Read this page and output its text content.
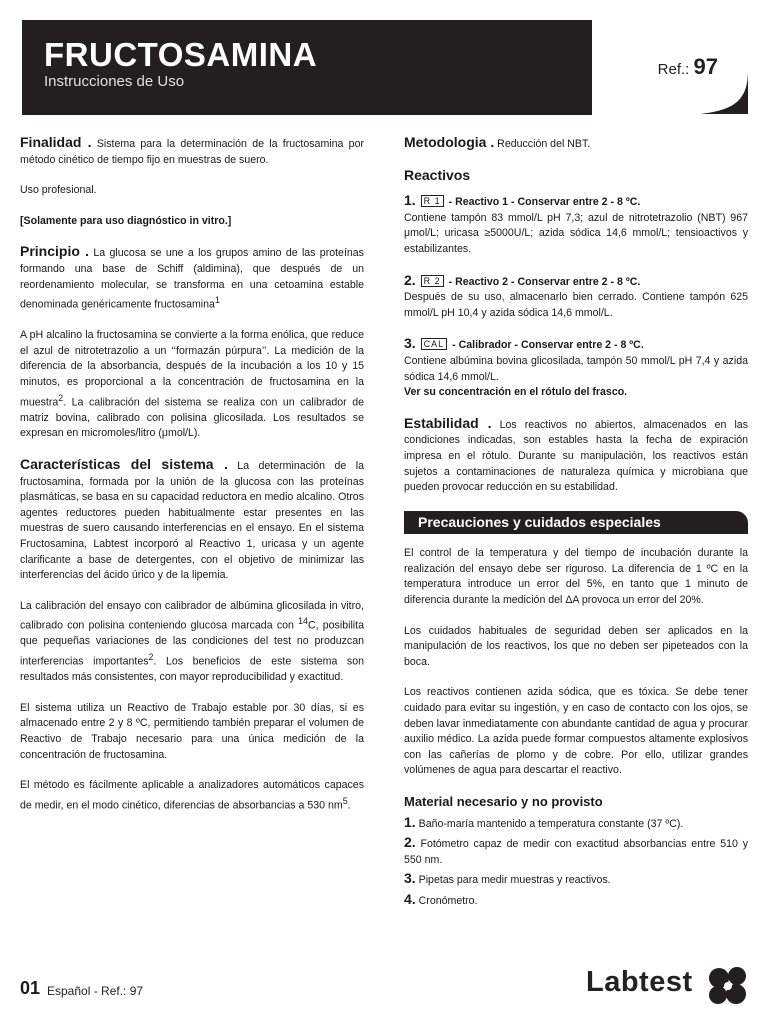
FRUCTOSAMINA
Instrucciones de Uso
Ref.: 97

Finalidad . Sistema para la determinación de la fructosamina por método cinético de tiempo fijo en muestras de suero.

Uso profesional.

[Solamente para uso diagnóstico in vitro.]

Principio . La glucosa se une a los grupos amino de las proteínas formando una base de Schiff (aldimina), que después de un reordenamiento molecular, se transforma en una cetoamina estable denominada genéricamente fructosamina$^1$

A pH alcalino la fructosamina se convierte a la forma enólica, que reduce el azul de nitrotetrazolio a un ‘‘formazán púrpura’’. La medición de la diferencia de la absorbancia, después de la incubación a los 10 y 15 minutos, es proporcional a la concentración de fructosamina en la muestra$^2$. La calibración del sistema se realiza con un calibrador de matriz bovina, calibrado con polisina glicosilada. Los resultados se expresan en micromoles/litro (μmol/L).

Características del sistema . La determinación de la fructosamina, formada por la unión de la glucosa con las proteínas plasmáticas, se basa en su capacidad reductora en medio alcalino. Otros agentes reductores pueden habitualmente estar presentes en las muestras de suero causando interferencias en el ensayo. En el sistema Fructosamina, Labtest incorporó al Reactivo 1, uricasa y un agente clarificante a base de detergentes, con el objetivo de minimizar las interferencias del ácido úrico y de la lipemia.

La calibración del ensayo con calibrador de albúmina glicosilada in vitro, calibrado con polisina conteniendo glucosa marcada con $^{14}$C, posibilita que pequeñas variaciones de las condiciones del test no produzcan interferencias importantes$^2$. Los beneficios de este sistema son resultados más consistentes, con mayor reproducibilidad y exactitud.

El sistema utiliza un Reactivo de Trabajo estable por 30 días, si es almacenado entre 2 y 8 ºC, permitiendo también preparar el volumen de Reactivo de Trabajo necesario para una única medición de la concentración de fructosamina.

El método es fácilmente aplicable a analizadores automáticos capaces de medir, en el modo cinético, diferencias de absorbancias a 530 $nm^5$.

Metodologia . Reducción del NBT.

Reactivos

1. R 1 - Reactivo 1 - Conservar entre 2 - 8 ºC.
Contiene tampón 83 mmol/L pH 7,3; azul de nitrotetrazolio (NBT) 967 μmol/L; uricasa ≥5000U/L; azida sódica 14,6 mmol/L; tensioactivos y estabilizantes.

2. R 2 - Reactivo 2 - Conservar entre 2 - 8 ºC.
Después de su uso, almacenarlo bien cerrado. Contiene tampón 625 mmol/L pH 10,4 y azida sódica 14,6 mmol/L.

3. CAL - Calibrador - Conservar entre 2 - 8 ºC.
Contiene albúmina bovina glicosilada, tampón 50 mmol/L pH 7,4 y azida sódica 14,6 mmol/L.
Ver su concentración en el rótulo del frasco.

Estabilidad . Los reactivos no abiertos, almacenados en las condiciones indicadas, son estables hasta la fecha de expiración impresa en el rótulo. Durante su manipulación, los reactivos están sujetos a contaminaciones de naturaleza química y microbiana que pueden provocar reducción en su estabilidad.

Precauciones y cuidados especiales

El control de la temperatura y del tiempo de incubación durante la realización del ensayo debe ser riguroso. La diferencia de 1 ºC en la temperatura introduce un error del 5%, en tanto que 1 minuto de diferencia durante la medición del ΔA provoca un error del 20%.

Los cuidados habituales de seguridad deben ser aplicados en la manipulación de los reactivos, los que no deben ser pipeteados con la boca.

Los reactivos contienen azida sódica, que es tóxica. Se debe tener cuidado para evitar su ingestión, y en caso de contacto con los ojos, se deben lavar inmediatamente con abundante cantidad de agua y procurar auxilio médico. La azida puede formar compuestos altamente explosivos con las cañerías de plomo y de cobre. Por ello, utilizar grandes volúmenes de agua para descartar el reactivo.

Material necesario y no provisto
1. Baño-maría mantenido a temperatura constante (37 ºC).
2. Fotómetro capaz de medir con exactitud absorbancias entre 510 y 550 nm.
3. Pipetas para medir muestras y reactivos.
4. Cronómetro.
01 Español - Ref.: 97	Labtest
